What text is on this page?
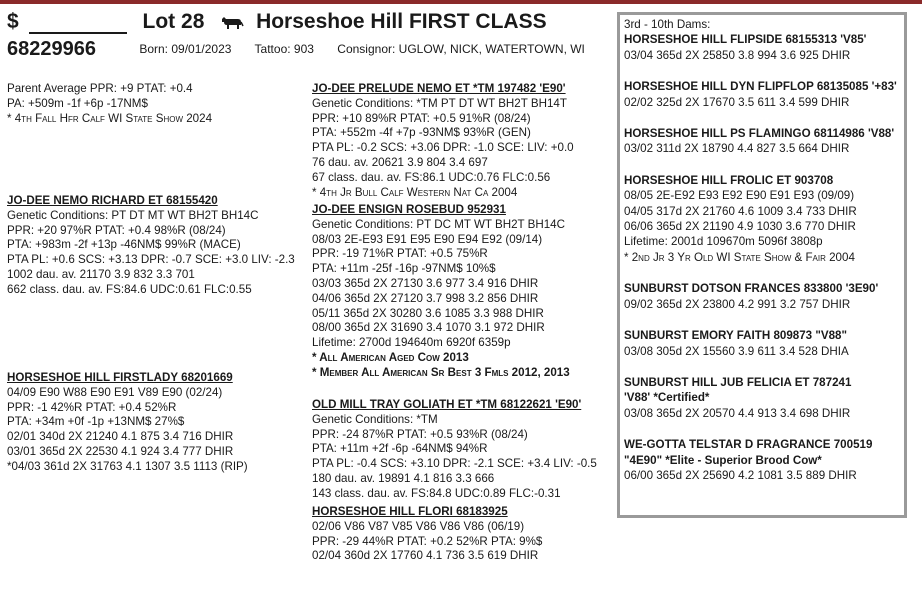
$	Lot 28 Horseshoe Hill FIRST CLASS
68229966	Born: 09/01/2023 Tattoo: 903 Consignor: UGLOW, NICK, WATERTOWN, WI
Parent Average PPR: +9 PTAT: +0.4
PA: +509m -1f +6p -17NM$
* 4th Fall Hfr Calf WI State Show 2024
JO-DEE NEMO RICHARD ET 68155420
Genetic Conditions: PT DT MT WT BH2T BH14C
PPR: +20 97%R PTAT: +0.4 98%R (08/24)
PTA: +983m -2f +13p -46NM$ 99%R (MACE)
PTA PL: +0.6 SCS: +3.13 DPR: -0.7 SCE: +3.0 LIV: -2.3
1002 dau. av. 21170 3.9 832 3.3 701
662 class. dau. av. FS:84.6 UDC:0.61 FLC:0.55
HORSESHOE HILL FIRSTLADY 68201669
04/09 E90 W88 E90 E91 V89 E90 (02/24)
PPR: -1 42%R PTAT: +0.4 52%R
PTA: +34m +0f -1p +13NM$ 27%$
02/01 340d 2X 21240 4.1 875 3.4 716 DHIR
03/01 365d 2X 22530 4.1 924 3.4 777 DHIR
*04/03 361d 2X 31763 4.1 1307 3.5 1113 (RIP)
JO-DEE PRELUDE NEMO ET *TM 197482 'E90'
Genetic Conditions: *TM PT DT WT BH2T BH14T
PPR: +10 89%R PTAT: +0.5 91%R (08/24)
PTA: +552m -4f +7p -93NM$ 93%R (GEN)
PTA PL: -0.2 SCS: +3.06 DPR: -1.0 SCE: LIV: +0.0
76 dau. av. 20621 3.9 804 3.4 697
67 class. dau. av. FS:86.1 UDC:0.76 FLC:0.56
* 4th Jr Bull Calf Western Nat Ca 2004
JO-DEE ENSIGN ROSEBUD 952931
Genetic Conditions: PT DC MT WT BH2T BH14C
08/03 2E-E93 E91 E95 E90 E94 E92 (09/14)
PPR: -19 71%R PTAT: +0.5 75%R
PTA: +11m -25f -16p -97NM$ 10%$
03/03 365d 2X 27130 3.6 977 3.4 916 DHIR
04/06 365d 2X 27120 3.7 998 3.2 856 DHIR
05/11 365d 2X 30280 3.6 1085 3.3 988 DHIR
08/00 365d 2X 31690 3.4 1070 3.1 972 DHIR
Lifetime: 2700d 194640m 6920f 6359p
* All American Aged Cow 2013
* Member All American Sr Best 3 Fmls 2012, 2013
OLD MILL TRAY GOLIATH ET *TM 68122621 'E90'
Genetic Conditions: *TM
PPR: -24 87%R PTAT: +0.5 93%R (08/24)
PTA: +11m +2f -6p -64NM$ 94%R
PTA PL: -0.4 SCS: +3.10 DPR: -2.1 SCE: +3.4 LIV: -0.5
180 dau. av. 19891 4.1 816 3.3 666
143 class. dau. av. FS:84.8 UDC:0.89 FLC:-0.31
HORSESHOE HILL FLORI 68183925
02/06 V86 V87 V85 V86 V86 V86 (06/19)
PPR: -29 44%R PTAT: +0.2 52%R PTA: 9%$
02/04 360d 2X 17760 4.1 736 3.5 619 DHIR
3rd - 10th Dams:
HORSESHOE HILL FLIPSIDE 68155313 'V85'
03/04 365d 2X 25850 3.8 994 3.6 925 DHIR
HORSESHOE HILL DYN FLIPFLOP 68135085 '+83'
02/02 325d 2X 17670 3.5 611 3.4 599 DHIR
HORSESHOE HILL PS FLAMINGO 68114986 'V88'
03/02 311d 2X 18790 4.4 827 3.5 664 DHIR
HORSESHOE HILL FROLIC ET 903708
08/05 2E-E92 E93 E92 E90 E91 E93 (09/09)
04/05 317d 2X 21760 4.6 1009 3.4 733 DHIR
06/06 365d 2X 21190 4.9 1030 3.6 770 DHIR
Lifetime: 2001d 109670m 5096f 3808p
* 2nd Jr 3 Yr Old WI State Show & Fair 2004
SUNBURST DOTSON FRANCES 833800 '3E90'
09/02 365d 2X 23800 4.2 991 3.2 757 DHIR
SUNBURST EMORY FAITH 809873 "V88"
03/08 305d 2X 15560 3.9 611 3.4 528 DHIA
SUNBURST HILL JUB FELICIA ET 787241
'V88' *Certified*
03/08 365d 2X 20570 4.4 913 3.4 698 DHIR
WE-GOTTA TELSTAR D FRAGRANCE 700519
"4E90" *Elite - Superior Brood Cow*
06/00 365d 2X 25690 4.2 1081 3.5 889 DHIR
